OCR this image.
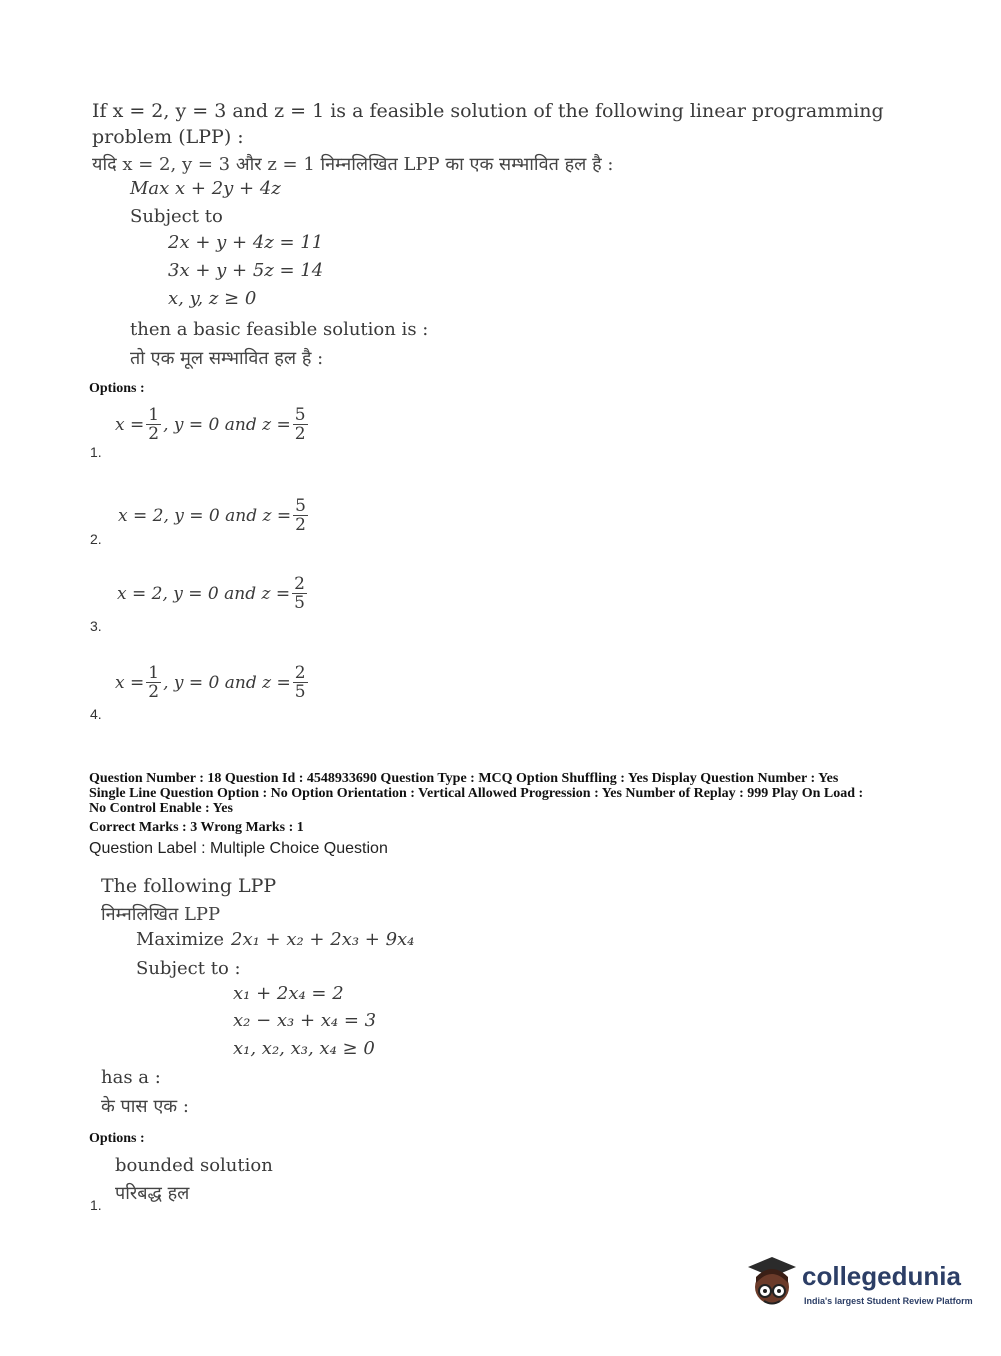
If x = 2, y = 3 and z = 1 is a feasible solution of the following linear programming
problem (LPP) :
यदि x = 2, y = 3 और z = 1 निम्नलिखित LPP का एक सम्भावित हल है :
Max x + 2y + 4z
Subject to
2x + y + 4z = 11
3x + y + 5z = 14
x, y, z ≥ 0
then a basic feasible solution is :
तो एक मूल सम्भावित हल है :
Options :
$x = \frac{1}{2}$ , y = 0 and $z = \frac{5}{2}$
1.
x = 2, y = 0 and $z = \frac{5}{2}$
2.
x = 2, y = 0 and $z = \frac{2}{5}$
3.
$x = \frac{1}{2}$ , y = 0 and $z = \frac{2}{5}$
4.
Question Number : 18 Question Id : 4548933690 Question Type : MCQ Option Shuffling : Yes Display Question Number : Yes
Single Line Question Option : No Option Orientation : Vertical Allowed Progression : Yes Number of Replay : 999 Play On Load :
No Control Enable : Yes
Correct Marks : 3 Wrong Marks : 1
Question Label : Multiple Choice Question
The following LPP
निम्नलिखित LPP
Maximize 2x₁ + x₂ + 2x₃ + 9x₄
Subject to :
x₁ + 2x₄ = 2
x₂ − x₃ + x₄ = 3
x₁, x₂, x₃, x₄ ≥ 0
has a :
के पास एक :
Options :
bounded solution
परिबद्ध हल
1.
collegedunia
India's largest Student Review Platform
